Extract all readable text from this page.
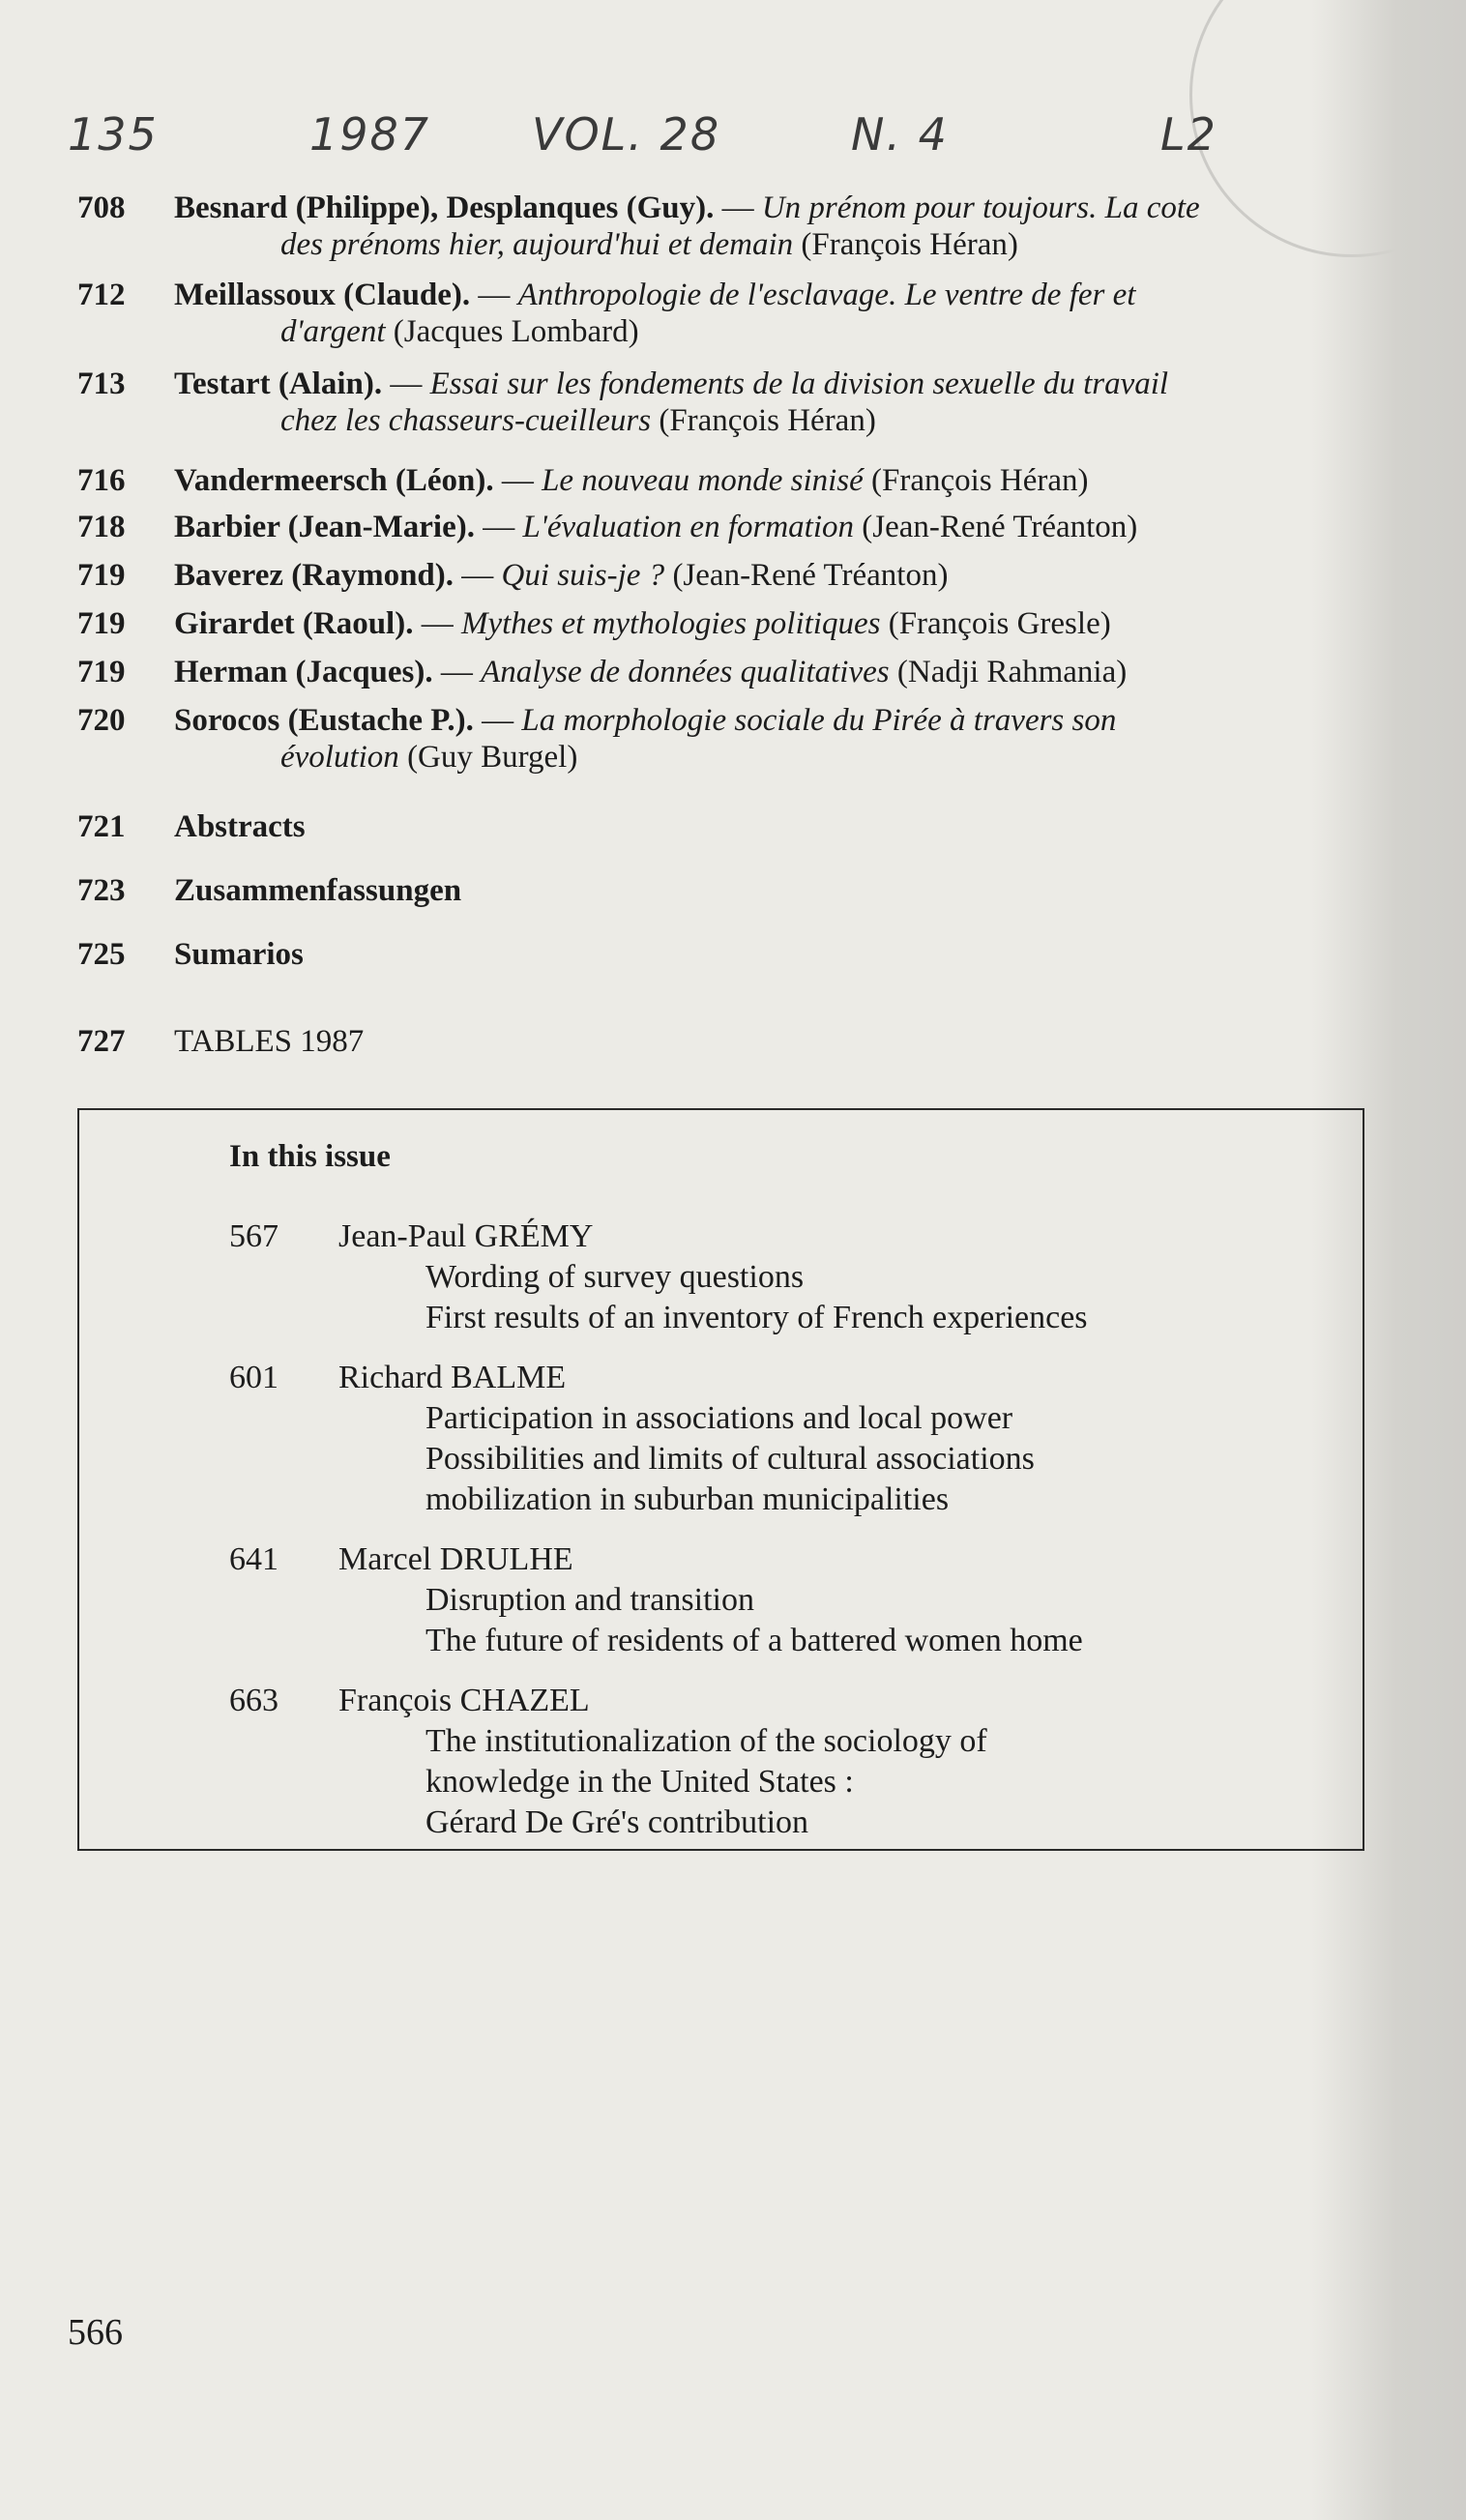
135	1987 VOL. 28	N. 4	L2
708 Besnard (Philippe), Desplanques (Guy). — Un prénom pour toujours. La cote
des prénoms hier, aujourd'hui et demain (François Héran)
712 Meillassoux (Claude). — Anthropologie de l'esclavage. Le ventre de fer et
d'argent (Jacques Lombard)
713 Testart (Alain). — Essai sur les fondements de la division sexuelle du travail
chez les chasseurs-cueilleurs (François Héran)
716 Vandermeersch (Léon). — Le nouveau monde sinisé (François Héran)
718 Barbier (Jean-Marie). — L'évaluation en formation (Jean-René Tréanton)
719 Baverez (Raymond). — Qui suis-je ? (Jean-René Tréanton)
719 Girardet (Raoul). — Mythes et mythologies politiques (François Gresle)
719 Herman (Jacques). — Analyse de données qualitatives (Nadji Rahmania)
720 Sorocos (Eustache P.). — La morphologie sociale du Pirée à travers son
évolution (Guy Burgel)
721 Abstracts
723 Zusammenfassungen
725 Sumarios
727 TABLES 1987
In this issue
567 Jean-Paul GRÉMY
Wording of survey questions
First results of an inventory of French experiences
601 Richard BALME
Participation in associations and local power
Possibilities and limits of cultural associations
mobilization in suburban municipalities
641 Marcel DRULHE
Disruption and transition
The future of residents of a battered women home
663 François CHAZEL
The institutionalization of the sociology of
knowledge in the United States :
Gérard De Gré's contribution
566
